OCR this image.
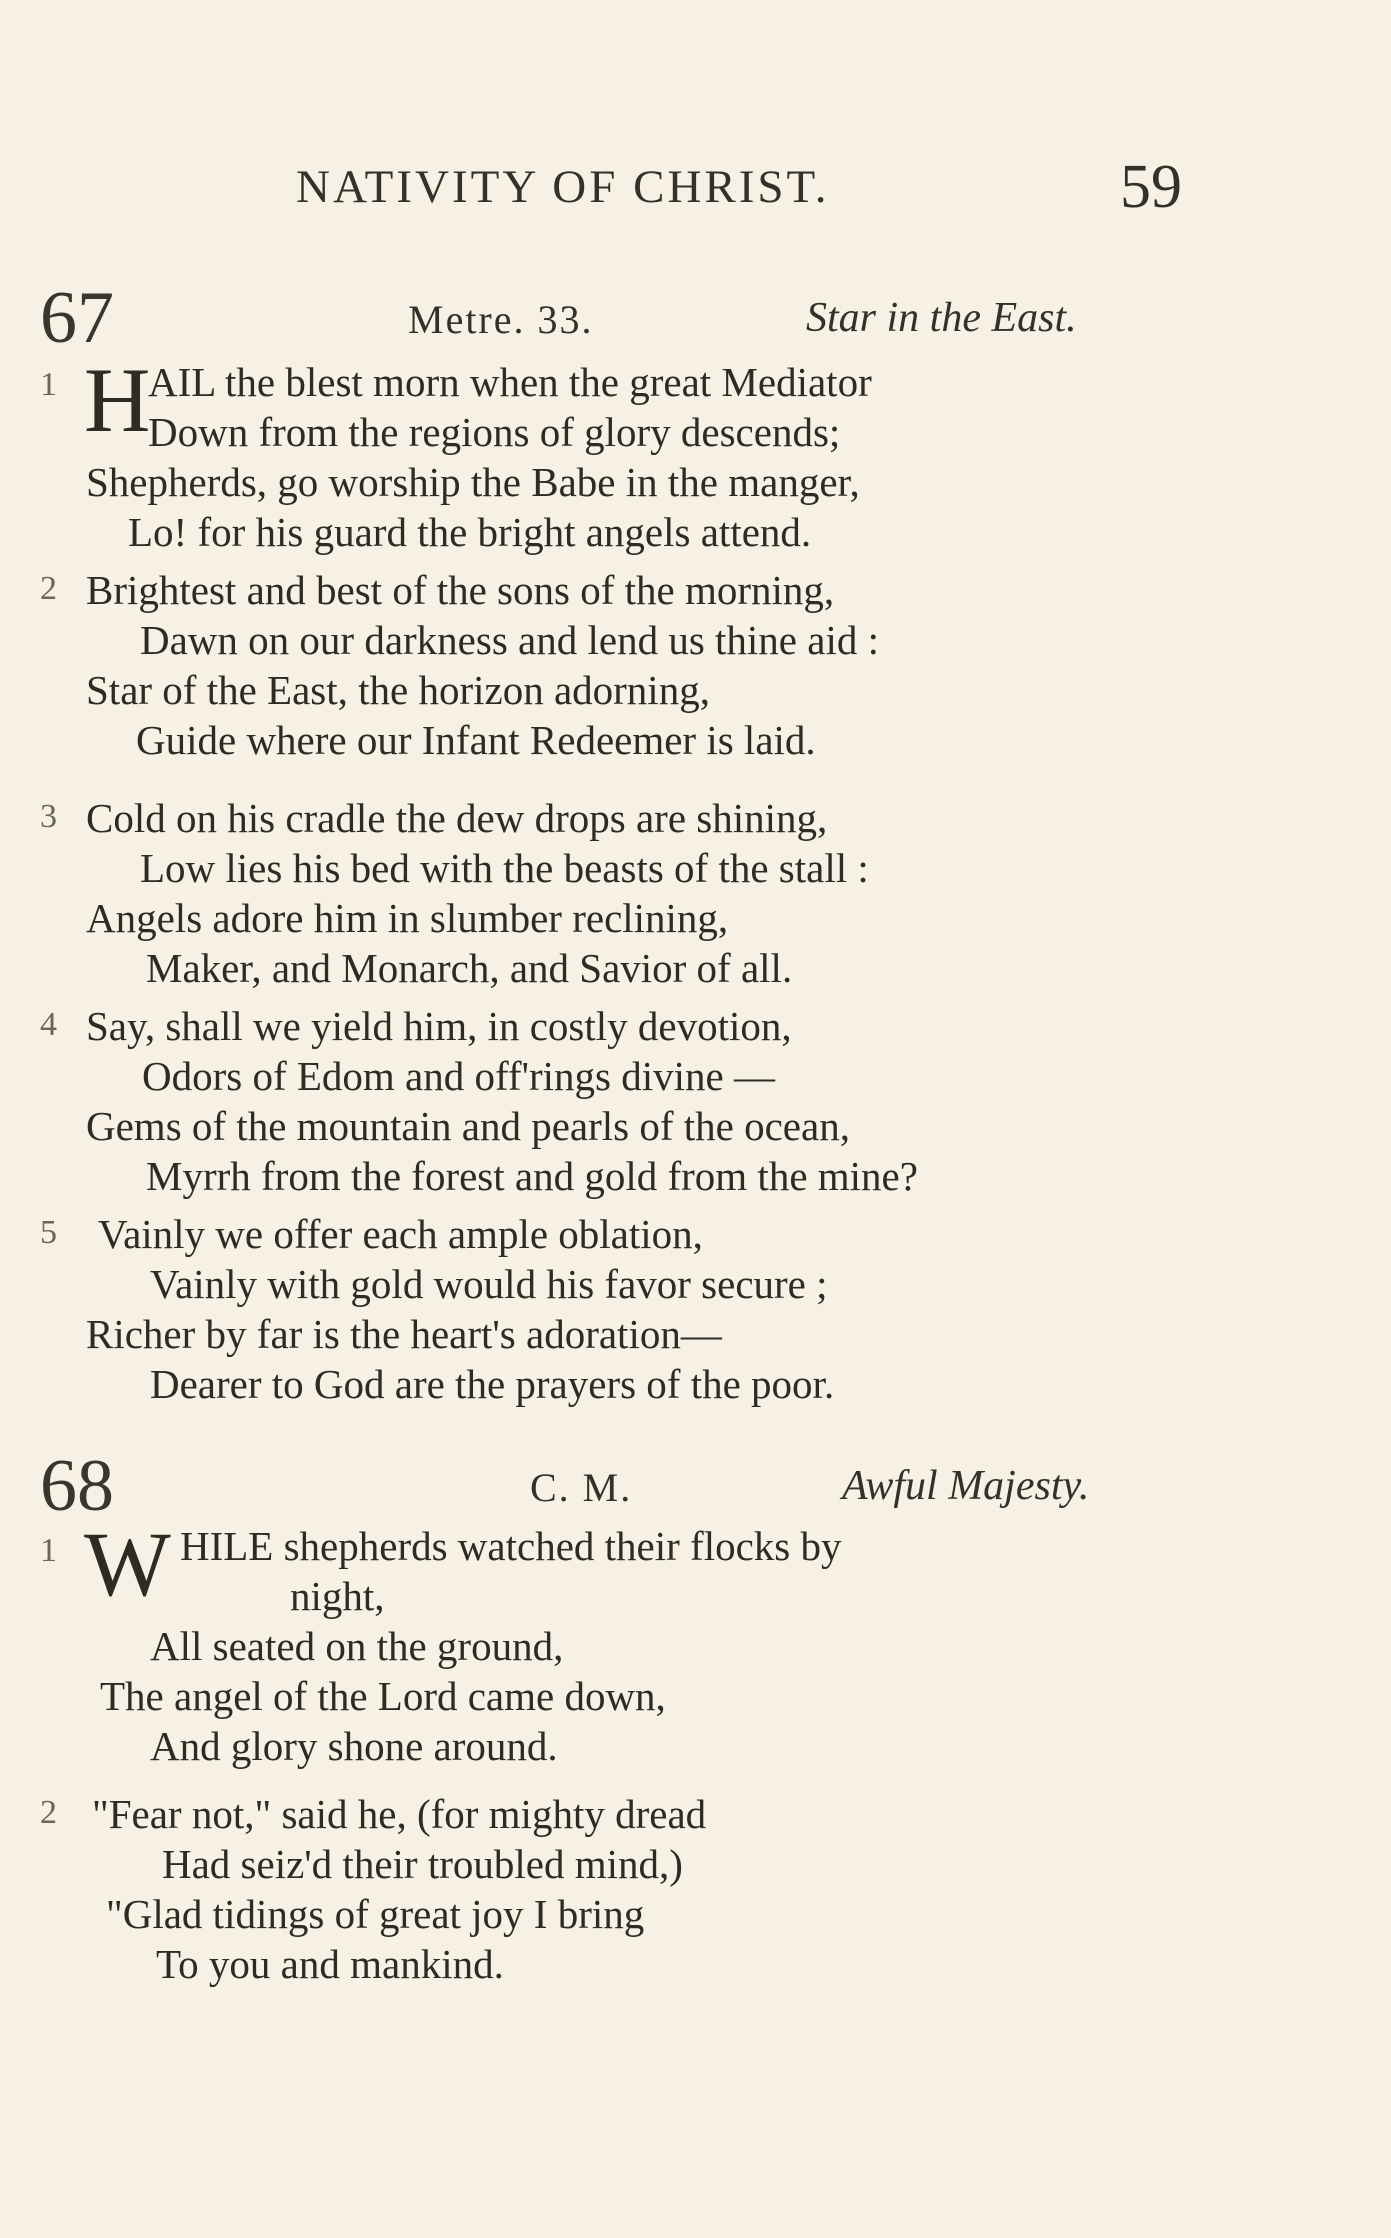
NATIVITY OF CHRIST.	59
67	Metre. 33.	Star in the East.
1 H
AIL the blest morn when the great Mediator
Down from the regions of glory descends;
Shepherds, go worship the Babe in the manger,
Lo! for his guard the bright angels attend.
2 Brightest and best of the sons of the morning,
Dawn on our darkness and lend us thine aid :
Star of the East, the horizon adorning,
Guide where our Infant Redeemer is laid.
3 Cold on his cradle the dew drops are shining,
Low lies his bed with the beasts of the stall :
Angels adore him in slumber reclining,
Maker, and Monarch, and Savior of all.
4 Say, shall we yield him, in costly devotion,
Odors of Edom and off'rings divine —
Gems of the mountain and pearls of the ocean,
Myrrh from the forest and gold from the mine?
5 Vainly we offer each ample oblation,
Vainly with gold would his favor secure ;
Richer by far is the heart's adoration—
Dearer to God are the prayers of the poor.
68	C. M.	Awful Majesty.
1 W HILE shepherds watched their flocks by
night,
All seated on the ground,
The angel of the Lord came down,
And glory shone around.
2 "Fear not," said he, (for mighty dread
Had seiz'd their troubled mind,)
"Glad tidings of great joy I bring
To you and mankind.
